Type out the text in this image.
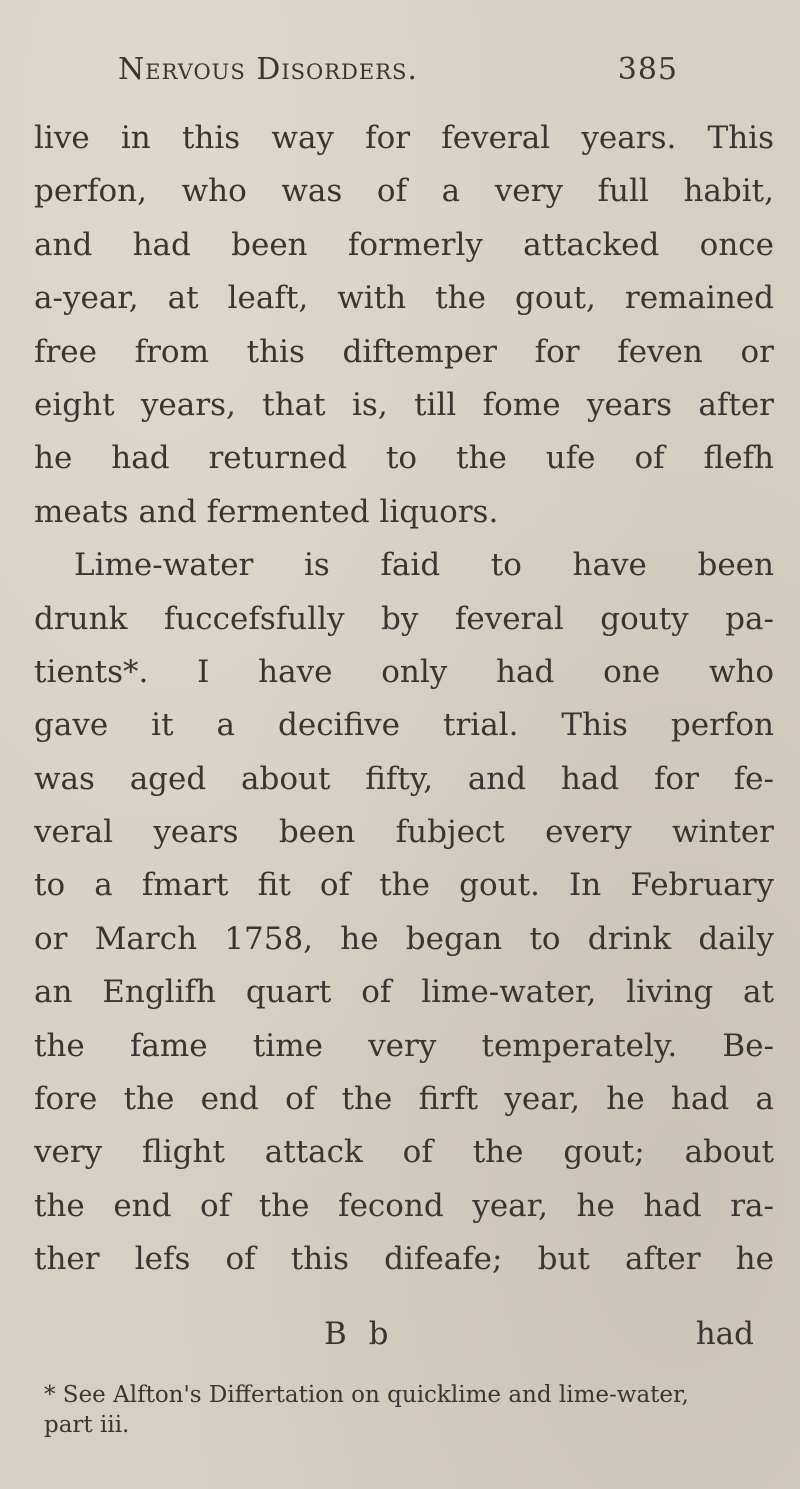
Nervous Disorders.	385
live in this way for feveral years. This
perfon, who was of a very full habit,
and had been formerly attacked once
a-year, at leaft, with the gout, remained
free from this diftemper for feven or
eight years, that is, till fome years after
he had returned to the ufe of flefh
meats and fermented liquors.
Lime-water is faid to have been
drunk fuccefsfully by feveral gouty pa-
tients*. I have only had one who
gave it a decifive trial. This perfon
was aged about fifty, and had for fe-
veral years been fubject every winter
to a fmart fit of the gout. In February
or March 1758, he began to drink daily
an Englifh quart of lime-water, living at
the fame time very temperately. Be-
fore the end of the firft year, he had a
very flight attack of the gout; about
the end of the fecond year, he had ra-
ther lefs of this difeafe; but after he
B b	had
* See Alfton's Differtation on quicklime and lime-water,
part iii.
